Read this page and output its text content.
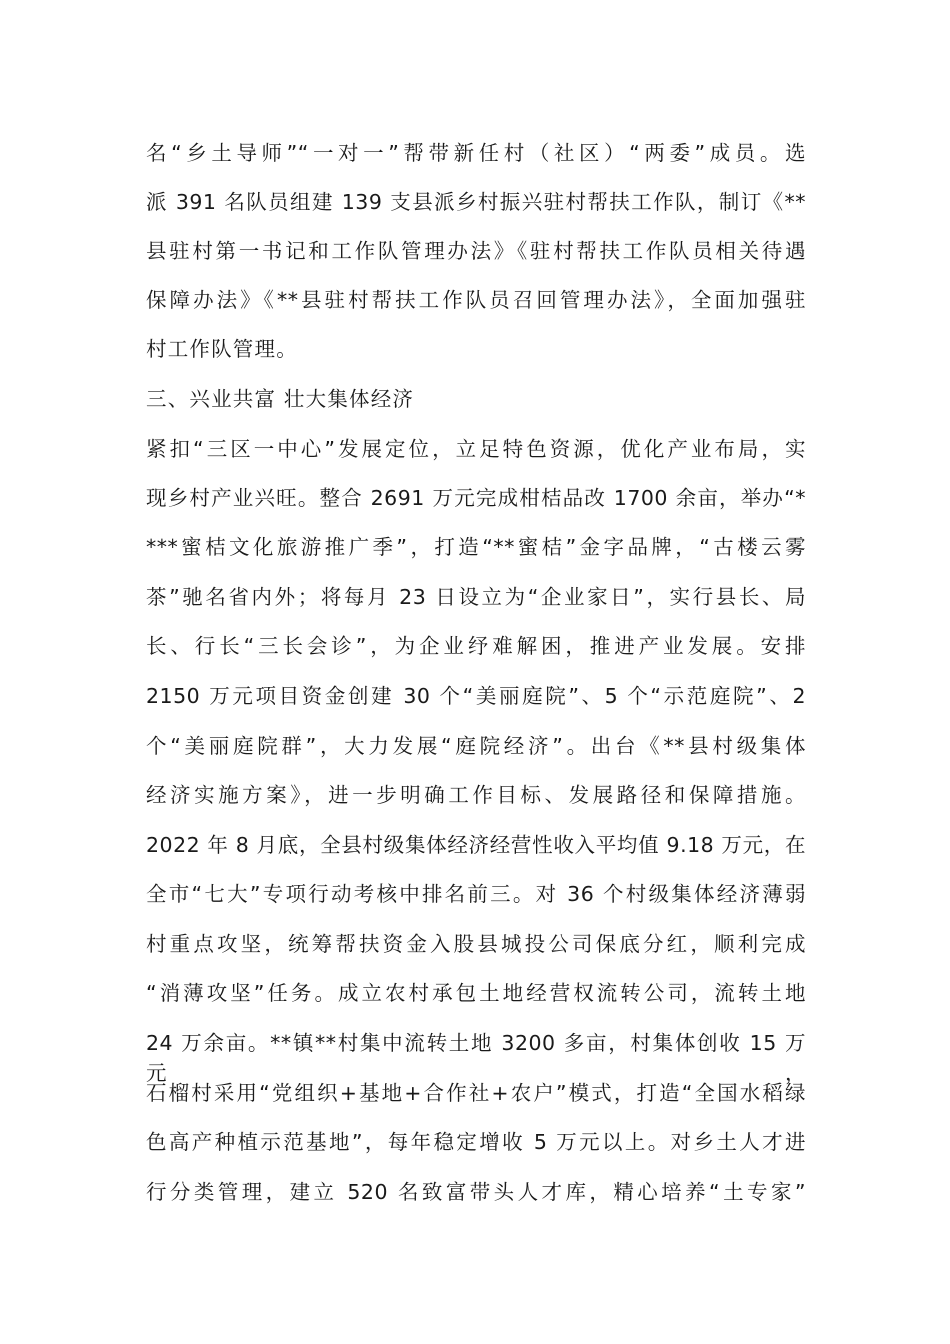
名“乡土导师”“一对一”帮带新任村（社区）“两委”成员。选
派 391 名队员组建 139 支县派乡村振兴驻村帮扶工作队，制订《**
县驻村第一书记和工作队管理办法》《驻村帮扶工作队员相关待遇
保障办法》《**县驻村帮扶工作队员召回管理办法》，全面加强驻
村工作队管理。
三、兴业共富 壮大集体经济
紧扣“三区一中心”发展定位，立足特色资源，优化产业布局，实
现乡村产业兴旺。整合 2691 万元完成柑桔品改 1700 余亩，举办“*
***蜜桔文化旅游推广季”，打造“**蜜桔”金字品牌，“古楼云雾
茶”驰名省内外；将每月 23 日设立为“企业家日”，实行县长、局
长、行长“三长会诊”，为企业纾难解困，推进产业发展。安排
2150 万元项目资金创建 30 个“美丽庭院”、5 个“示范庭院”、2
个“美丽庭院群”，大力发展“庭院经济”。出台《**县村级集体
经济实施方案》，进一步明确工作目标、发展路径和保障措施。
2022 年 8 月底，全县村级集体经济经营性收入平均值 9.18 万元，在
全市“七大”专项行动考核中排名前三。对 36 个村级集体经济薄弱
村重点攻坚，统筹帮扶资金入股县城投公司保底分红，顺利完成
“消薄攻坚”任务。成立农村承包土地经营权流转公司，流转土地
24 万余亩。**镇**村集中流转土地 3200 多亩，村集体创收 15 万元，
石榴村采用“党组织+基地+合作社+农户”模式，打造“全国水稻绿
色高产种植示范基地”，每年稳定增收 5 万元以上。对乡土人才进
行分类管理，建立 520 名致富带头人才库，精心培养“土专家”
